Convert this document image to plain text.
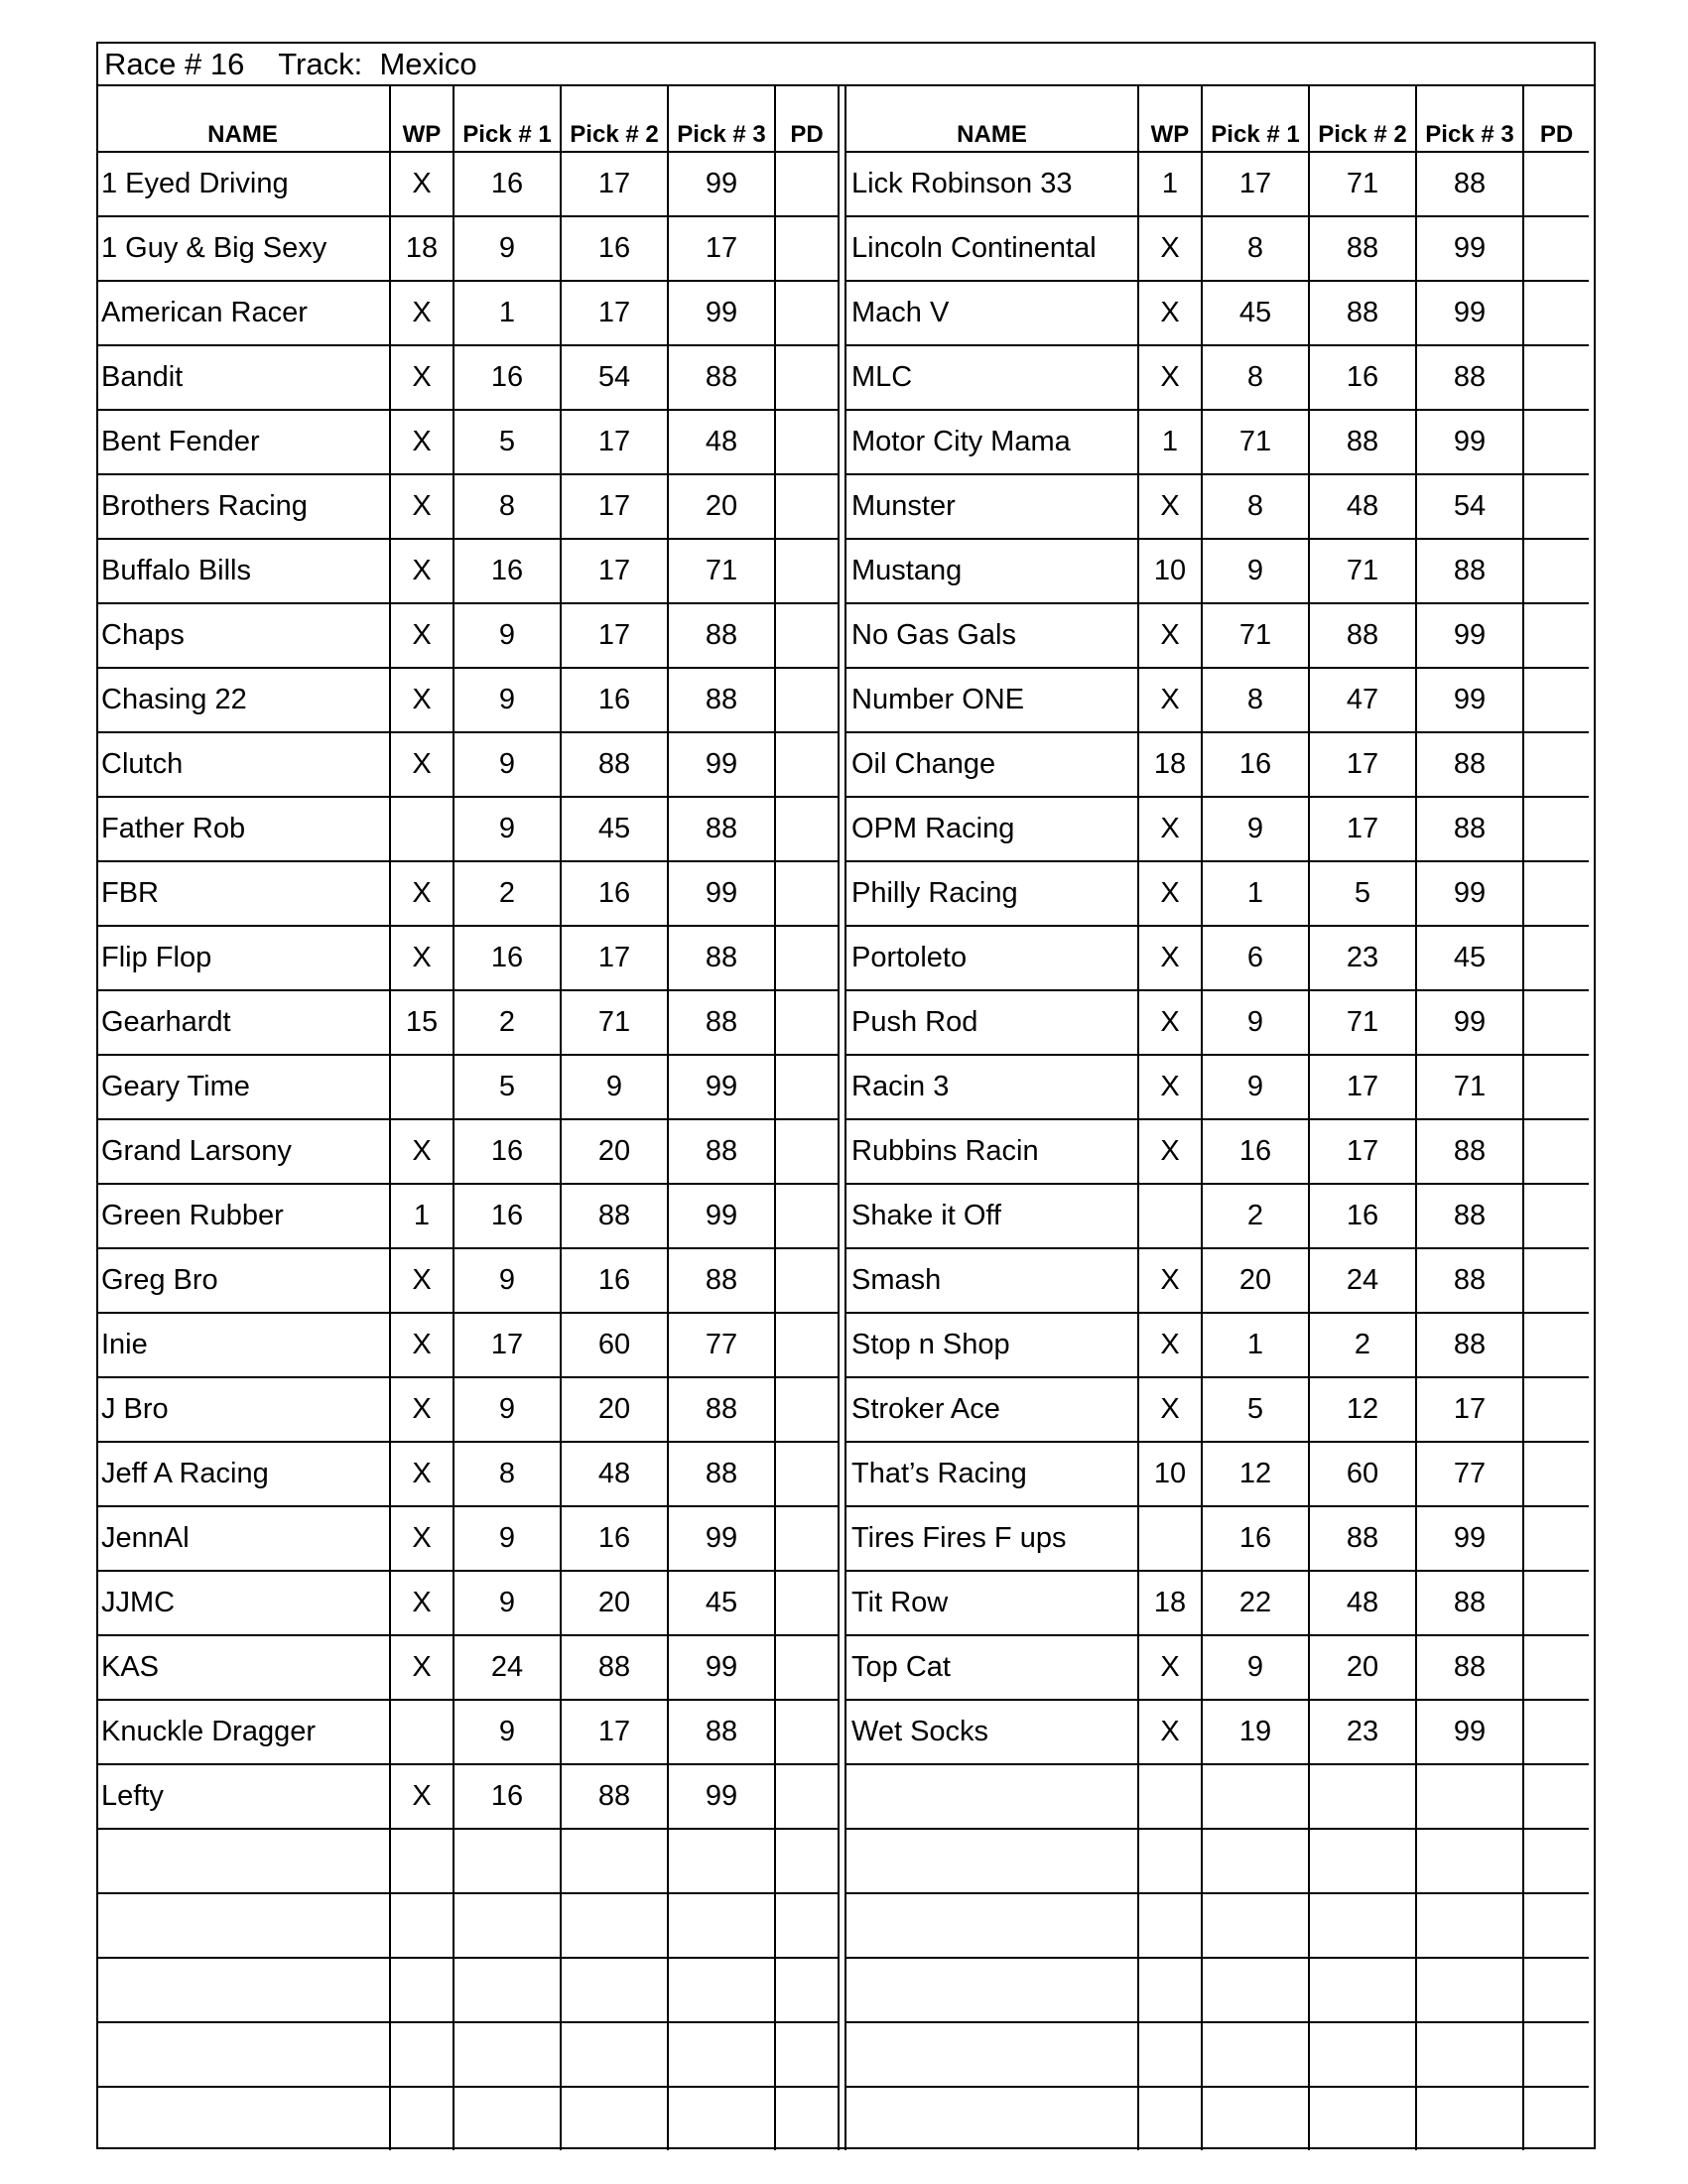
Race # 16 Track: Mexico
NAME	WP	Pick # 1	Pick # 2	Pick # 3	PD
1 Eyed Driving	X	16	17	99	
1 Guy & Big Sexy	18	9	16	17	
American Racer	X	1	17	99	
Bandit	X	16	54	88	
Bent Fender	X	5	17	48	
Brothers Racing	X	8	17	20	
Buffalo Bills	X	16	17	71	
Chaps	X	9	17	88	
Chasing 22	X	9	16	88	
Clutch	X	9	88	99	
Father Rob		9	45	88	
FBR	X	2	16	99	
Flip Flop	X	16	17	88	
Gearhardt	15	2	71	88	
Geary Time		5	9	99	
Grand Larsony	X	16	20	88	
Green Rubber	1	16	88	99	
Greg Bro	X	9	16	88	
Inie	X	17	60	77	
J Bro	X	9	20	88	
Jeff A Racing	X	8	48	88	
JennAl	X	9	16	99	
JJMC	X	9	20	45	
KAS	X	24	88	99	
Knuckle Dragger		9	17	88	
Lefty	X	16	88	99	

NAME	WP	Pick # 1	Pick # 2	Pick # 3	PD
Lick Robinson 33	1	17	71	88	
Lincoln Continental	X	8	88	99	
Mach V	X	45	88	99	
MLC	X	8	16	88	
Motor City Mama	1	71	88	99	
Munster	X	8	48	54	
Mustang	10	9	71	88	
No Gas Gals	X	71	88	99	
Number ONE	X	8	47	99	
Oil Change	18	16	17	88	
OPM Racing	X	9	17	88	
Philly Racing	X	1	5	99	
Portoleto	X	6	23	45	
Push Rod	X	9	71	99	
Racin 3	X	9	17	71	
Rubbins Racin	X	16	17	88	
Shake it Off		2	16	88	
Smash	X	20	24	88	
Stop n Shop	X	1	2	88	
Stroker Ace	X	5	12	17	
That’s Racing	10	12	60	77	
Tires Fires F ups		16	88	99	
Tit Row	18	22	48	88	
Top Cat	X	9	20	88	
Wet Socks	X	19	23	99	
